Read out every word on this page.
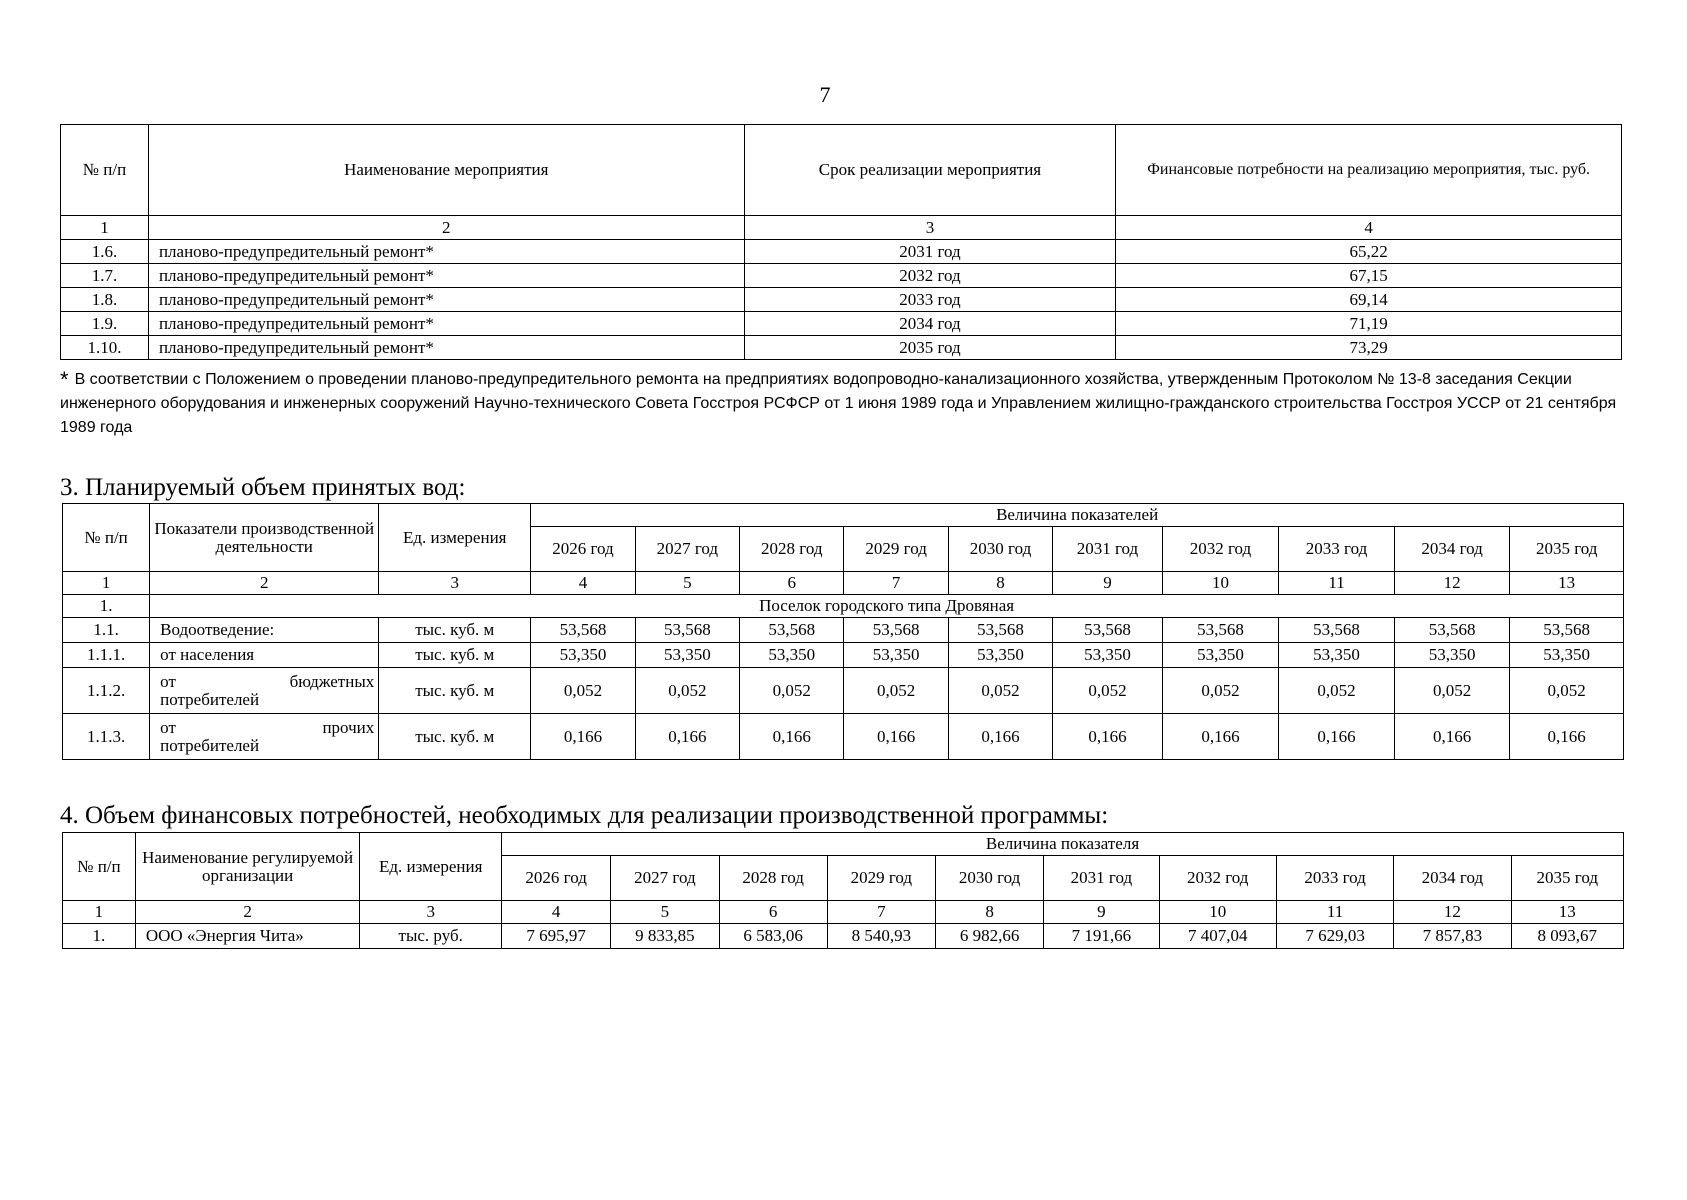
7
№ п/п	Наименование мероприятия	Срок реализации мероприятия	Финансовые потребности на реализацию мероприятия, тыс. руб.
1	2	3	4
1.6.	планово-предупредительный ремонт*	2031 год	65,22
1.7.	планово-предупредительный ремонт*	2032 год	67,15
1.8.	планово-предупредительный ремонт*	2033 год	69,14
1.9.	планово-предупредительный ремонт*	2034 год	71,19
1.10.	планово-предупредительный ремонт*	2035 год	73,29
* В соответствии с Положением о проведении планово-предупредительного ремонта на предприятиях водопроводно-канализационного хозяйства, утвержденным Протоколом № 13-8 заседания Секции инженерного оборудования и инженерных сооружений Научно-технического Совета Госстроя РСФСР от 1 июня 1989 года и Управлением жилищно-гражданского строительства Госстроя УССР от 21 сентября 1989 года
3. Планируемый объем принятых вод:
№ п/п	Показатели производственной деятельности	Ед. измерения	Величина показателей									
			2026 год	2027 год	2028 год	2029 год	2030 год	2031 год	2032 год	2033 год	2034 год	2035 год
1	2	3	4	5	6	7	8	9	10	11	12	13
1.	Поселок городского типа Дровяная											
1.1.	Водоотведение:	тыс. куб. м	53,568	53,568	53,568	53,568	53,568	53,568	53,568	53,568	53,568	53,568
1.1.1.	от населения	тыс. куб. м	53,350	53,350	53,350	53,350	53,350	53,350	53,350	53,350	53,350	53,350
1.1.2.	от бюджетных
потребителей	тыс. куб. м	0,052	0,052	0,052	0,052	0,052	0,052	0,052	0,052	0,052	0,052
1.1.3.	от прочих
потребителей	тыс. куб. м	0,166	0,166	0,166	0,166	0,166	0,166	0,166	0,166	0,166	0,166
4. Объем финансовых потребностей, необходимых для реализации производственной программы:
№ п/п	Наименование регулируемой организации	Ед. измерения	Величина показателя									
			2026 год	2027 год	2028 год	2029 год	2030 год	2031 год	2032 год	2033 год	2034 год	2035 год
1	2	3	4	5	6	7	8	9	10	11	12	13
1.	ООО «Энергия Чита»	тыс. руб.	7 695,97	9 833,85	6 583,06	8 540,93	6 982,66	7 191,66	7 407,04	7 629,03	7 857,83	8 093,67
